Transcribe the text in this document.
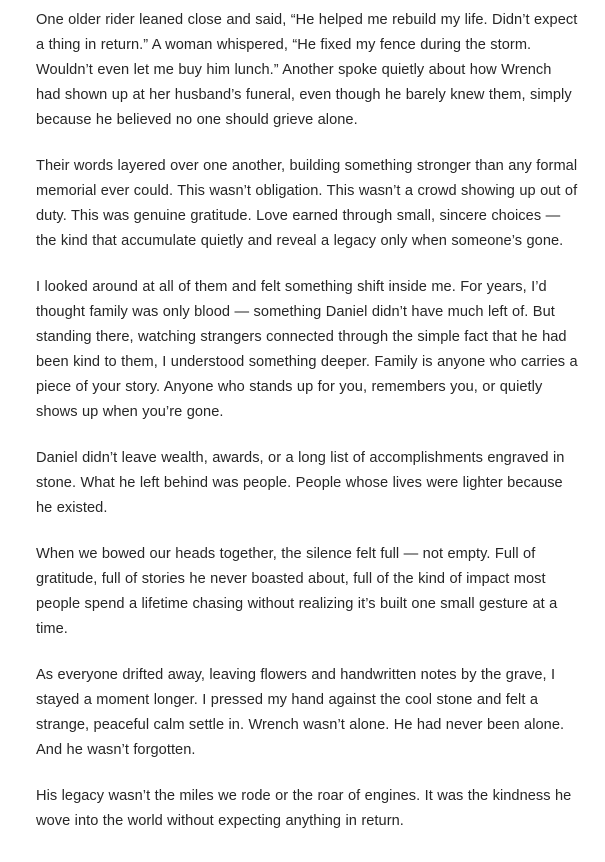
One older rider leaned close and said, “He helped me rebuild my life. Didn’t expect a thing in return.” A woman whispered, “He fixed my fence during the storm. Wouldn’t even let me buy him lunch.” Another spoke quietly about how Wrench had shown up at her husband’s funeral, even though he barely knew them, simply because he believed no one should grieve alone.

Their words layered over one another, building something stronger than any formal memorial ever could. This wasn’t obligation. This wasn’t a crowd showing up out of duty. This was genuine gratitude. Love earned through small, sincere choices — the kind that accumulate quietly and reveal a legacy only when someone’s gone.

I looked around at all of them and felt something shift inside me. For years, I’d thought family was only blood — something Daniel didn’t have much left of. But standing there, watching strangers connected through the simple fact that he had been kind to them, I understood something deeper. Family is anyone who carries a piece of your story. Anyone who stands up for you, remembers you, or quietly shows up when you’re gone.

Daniel didn’t leave wealth, awards, or a long list of accomplishments engraved in stone. What he left behind was people. People whose lives were lighter because he existed.

When we bowed our heads together, the silence felt full — not empty. Full of gratitude, full of stories he never boasted about, full of the kind of impact most people spend a lifetime chasing without realizing it’s built one small gesture at a time.

As everyone drifted away, leaving flowers and handwritten notes by the grave, I stayed a moment longer. I pressed my hand against the cool stone and felt a strange, peaceful calm settle in. Wrench wasn’t alone. He had never been alone. And he wasn’t forgotten.

His legacy wasn’t the miles we rode or the roar of engines. It was the kindness he wove into the world without expecting anything in return.
